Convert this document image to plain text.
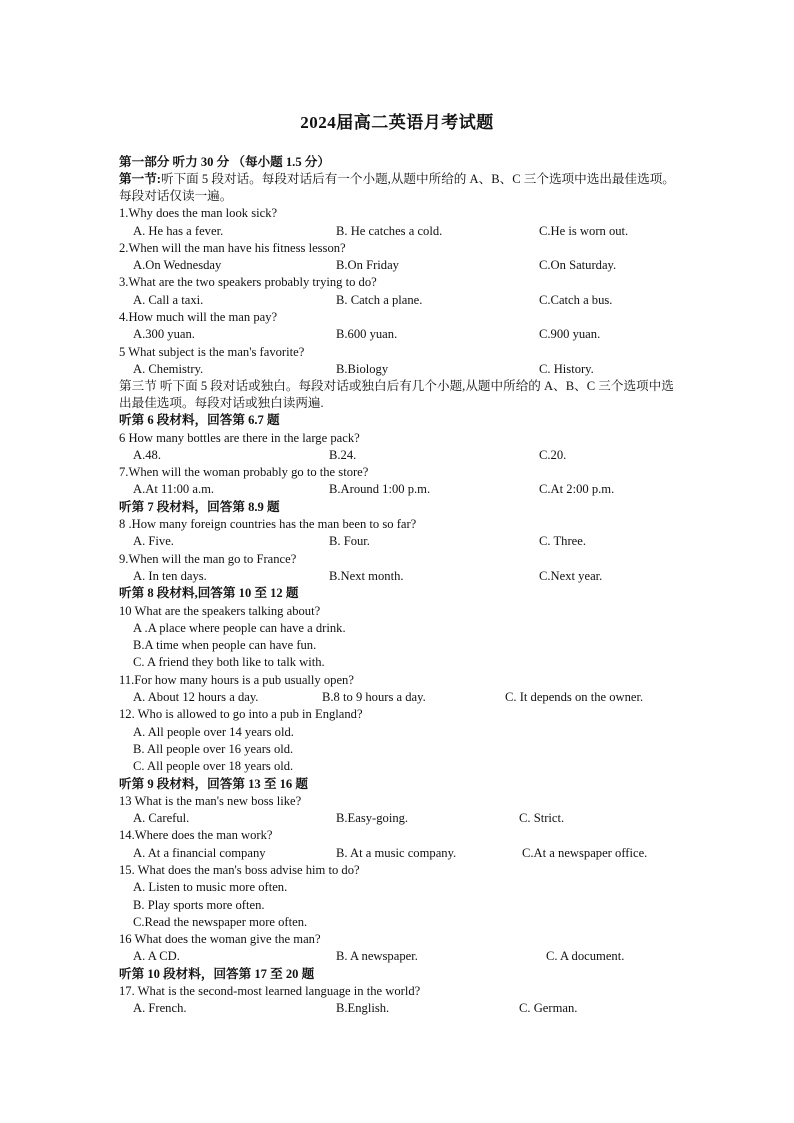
2024届高二英语月考试题
第一部分 听力 30 分 （每小题 1.5 分）
第一节:听下面 5 段对话。每段对话后有一个小题,从题中所给的 A、B、C 三个选项中选出最佳选项。每段对话仅读一遍。
1.Why does the man look sick?
A. He has a fever.	B. He catches a cold.	C.He is worn out.
2.When will the man have his fitness lesson?
A.On Wednesday	B.On Friday	C.On Saturday.
3.What are the two speakers probably trying to do?
A. Call a taxi.	B. Catch a plane.	C.Catch a bus.
4.How much will the man pay?
A.300 yuan.	B.600 yuan.	C.900 yuan.
5 What subject is the man's favorite?
A. Chemistry.	B.Biology	C. History.
第三节 听下面 5 段对话或独白。每段对话或独白后有几个小题,从题中所给的 A、B、C 三个选项中选出最佳选项。每段对话或独白读两遍.
听第 6 段材料，回答第 6.7 题
6 How many bottles are there in the large pack?
A.48.	B.24.	C.20.
7.When will the woman probably go to the store?
A.At 11:00 a.m.	B.Around 1:00 p.m.	C.At 2:00 p.m.
听第 7 段材料，回答第 8.9 题
8 .How many foreign countries has the man been to so far?
A. Five.	B. Four.	C. Three.
9.When will the man go to France?
A. In ten days.	B.Next month.	C.Next year.
听第 8 段材料,回答第 10 至 12 题
10 What are the speakers talking about?
A .A place where people can have a drink.
B.A time when people can have fun.
C. A friend they both like to talk with.
11.For how many hours is a pub usually open?
A. About 12 hours a day.	B.8 to 9 hours a day.	C. It depends on the owner.
12. Who is allowed to go into a pub in England?
A. All people over 14 years old.
B. All people over 16 years old.
C. All people over 18 years old.
听第 9 段材料，回答第 13 至 16 题
13 What is the man's new boss like?
A. Careful.	B.Easy-going.	C. Strict.
14.Where does the man work?
A. At a financial company	B. At a music company.	C.At a newspaper office.
15. What does the man's boss advise him to do?
A. Listen to music more often.
B. Play sports more often.
C.Read the newspaper more often.
16 What does the woman give the man?
A. A CD.	B. A newspaper.	C. A document.
听第 10 段材料，回答第 17 至 20 题
17. What is the second-most learned language in the world?
A. French.	B.English.	C. German.
